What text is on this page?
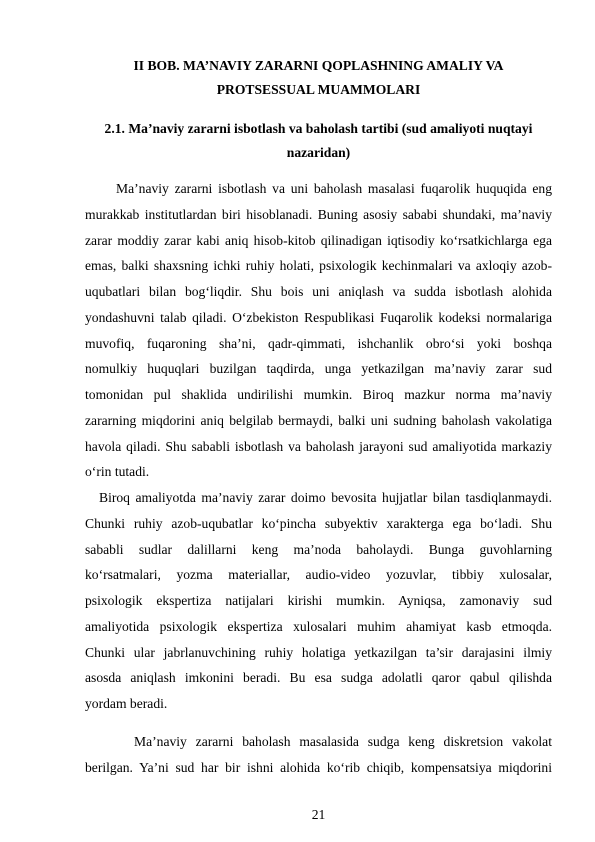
II BOB. MA’NAVIY ZARARNI QOPLASHNING AMALIY VA
PROTSESSUAL MUAMMOLARI
2.1. Ma’naviy zararni isbotlash va baholash tartibi (sud amaliyoti nuqtayi
nazaridan)
Ma’naviy zararni isbotlash va uni baholash masalasi fuqarolik huquqida eng
murakkab institutlardan biri hisoblanadi. Buning asosiy sababi shundaki, ma’naviy
zarar moddiy zarar kabi aniq hisob-kitob qilinadigan iqtisodiy ko‘rsatkichlarga ega
emas, balki shaxsning ichki ruhiy holati, psixologik kechinmalari va axloqiy azob-
uqubatlari bilan bog‘liqdir. Shu bois uni aniqlash va sudda isbotlash alohida
yondashuvni talab qiladi. O‘zbekiston Respublikasi Fuqarolik kodeksi normalariga
muvofiq, fuqaroning sha’ni, qadr-qimmati, ishchanlik obro‘si yoki boshqa
nomulkiy huquqlari buzilgan taqdirda, unga yetkazilgan ma’naviy zarar sud
tomonidan pul shaklida undirilishi mumkin. Biroq mazkur norma ma’naviy
zararning miqdorini aniq belgilab bermaydi, balki uni sudning baholash vakolatiga
havola qiladi. Shu sababli isbotlash va baholash jarayoni sud amaliyotida markaziy
o‘rin tutadi.
Biroq amaliyotda ma’naviy zarar doimo bevosita hujjatlar bilan tasdiqlanmaydi.
Chunki ruhiy azob-uqubatlar ko‘pincha subyektiv xarakterga ega bo‘ladi. Shu
sababli sudlar dalillarni keng ma’noda baholaydi. Bunga guvohlarning
ko‘rsatmalari, yozma materiallar, audio-video yozuvlar, tibbiy xulosalar,
psixologik ekspertiza natijalari kirishi mumkin. Ayniqsa, zamonaviy sud
amaliyotida psixologik ekspertiza xulosalari muhim ahamiyat kasb etmoqda.
Chunki ular jabrlanuvchining ruhiy holatiga yetkazilgan ta’sir darajasini ilmiy
asosda aniqlash imkonini beradi. Bu esa sudga adolatli qaror qabul qilishda
yordam beradi.
Ma’naviy zararni baholash masalasida sudga keng diskretsion vakolat
berilgan. Ya’ni sud har bir ishni alohida ko‘rib chiqib, kompensatsiya miqdorini
21
